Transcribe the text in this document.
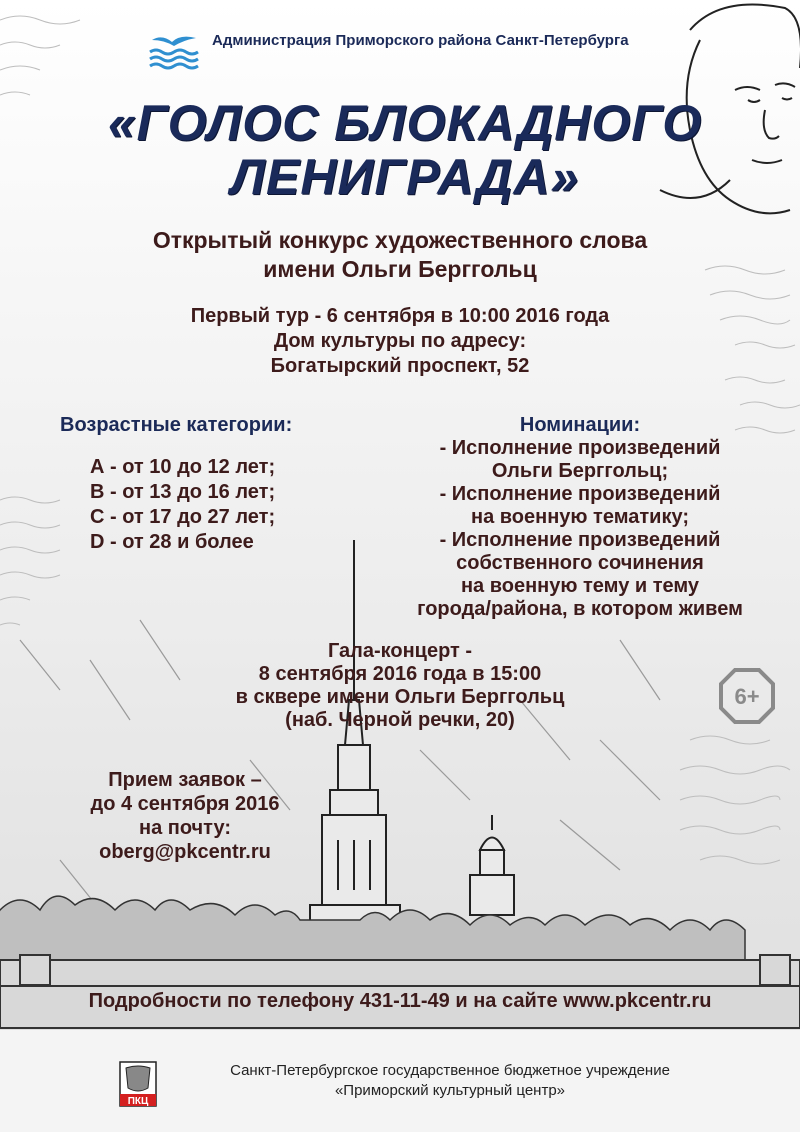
Администрация Приморского района Санкт-Петербурга
«ГОЛОС БЛОКАДНОГО
ЛЕНИГРАДА»
Открытый конкурс художественного слова
имени Ольги Берггольц
Первый тур - 6 сентября в 10:00 2016 года
Дом культуры по адресу:
Богатырский проспект, 52
Возрастные категории:
А - от 10 до 12 лет;
В - от 13 до 16 лет;
С - от 17 до 27 лет;
D - от 28 и более
Номинации:
- Исполнение произведений
Ольги Берггольц;
- Исполнение произведений
на военную тематику;
- Исполнение произведений
собственного сочинения
на военную тему и тему
города/района, в котором живем
Гала-концерт -
8 сентября 2016 года в 15:00
в сквере имени Ольги Берггольц
(наб. Черной речки, 20)
Прием заявок –
до 4 сентября 2016
на почту:
oberg@pkcentr.ru
6+
Подробности по телефону 431-11-49 и на сайте www.pkcentr.ru
ПКЦ
Санкт-Петербургское государственное бюджетное учреждение
«Приморский культурный центр»
